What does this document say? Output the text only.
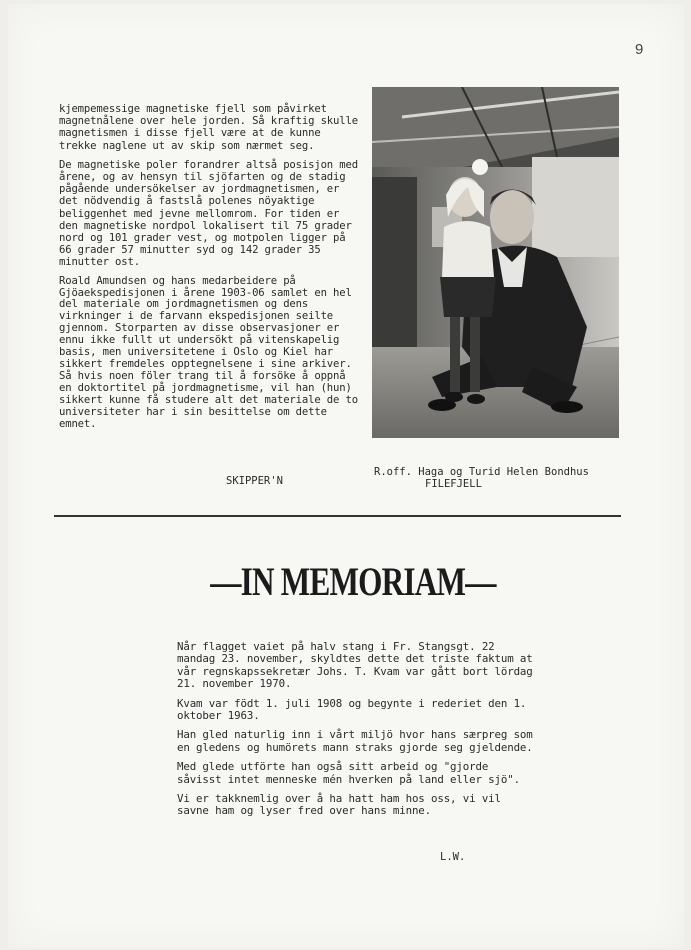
9

kjempemessige magnetiske fjell som påvirket magnetnålene over hele jorden. Så kraftig skulle magnetismen i disse fjell være at de kunne trekke naglene ut av skip som nærmet seg.

De magnetiske poler forandrer altså posisjon med årene, og av hensyn til sjöfarten og de stadig pågående undersökelser av jordmagnetismen, er det nödvendig å fastslå polenes nöyaktige beliggenhet med jevne mellomrom. For tiden er den magnetiske nordpol lokalisert til 75 grader nord og 101 grader vest, og motpolen ligger på 66 grader 57 minutter syd og 142 grader 35 minutter ost.

Roald Amundsen og hans medarbeidere på Gjöaekspedisjonen i årene 1903-06 samlet en hel del materiale om jordmagnetismen og dens virkninger i de farvann ekspedisjonen seilte gjennom. Storparten av disse observasjoner er ennu ikke fullt ut undersökt på vitenskapelig basis, men universitetene i Oslo og Kiel har sikkert fremdeles opptegnelsene i sine arkiver. Så hvis noen föler trang til å forsöke å oppnå en doktortitel på jordmagnetisme, vil han (hun) sikkert kunne få studere alt det materiale de to universiteter har i sin besittelse om dette emnet.

SKIPPER'N
R.off. Haga og Turid Helen Bondhus
FILEFJELL
—IN MEMORIAM—

Når flagget vaiet på halv stang i Fr. Stangsgt. 22 mandag 23. november, skyldtes dette det triste faktum at vår regnskapssekretær Johs. T. Kvam var gått bort lördag 21. november 1970.

Kvam var födt 1. juli 1908 og begynte i rederiet den 1. oktober 1963.

Han gled naturlig inn i vårt miljö hvor hans særpreg som en gledens og humörets mann straks gjorde seg gjeldende.

Med glede utförte han også sitt arbeid og "gjorde såvisst intet menneske mén hverken på land eller sjö".

Vi er takknemlig over å ha hatt ham hos oss, vi vil savne ham og lyser fred over hans minne.

L.W.
